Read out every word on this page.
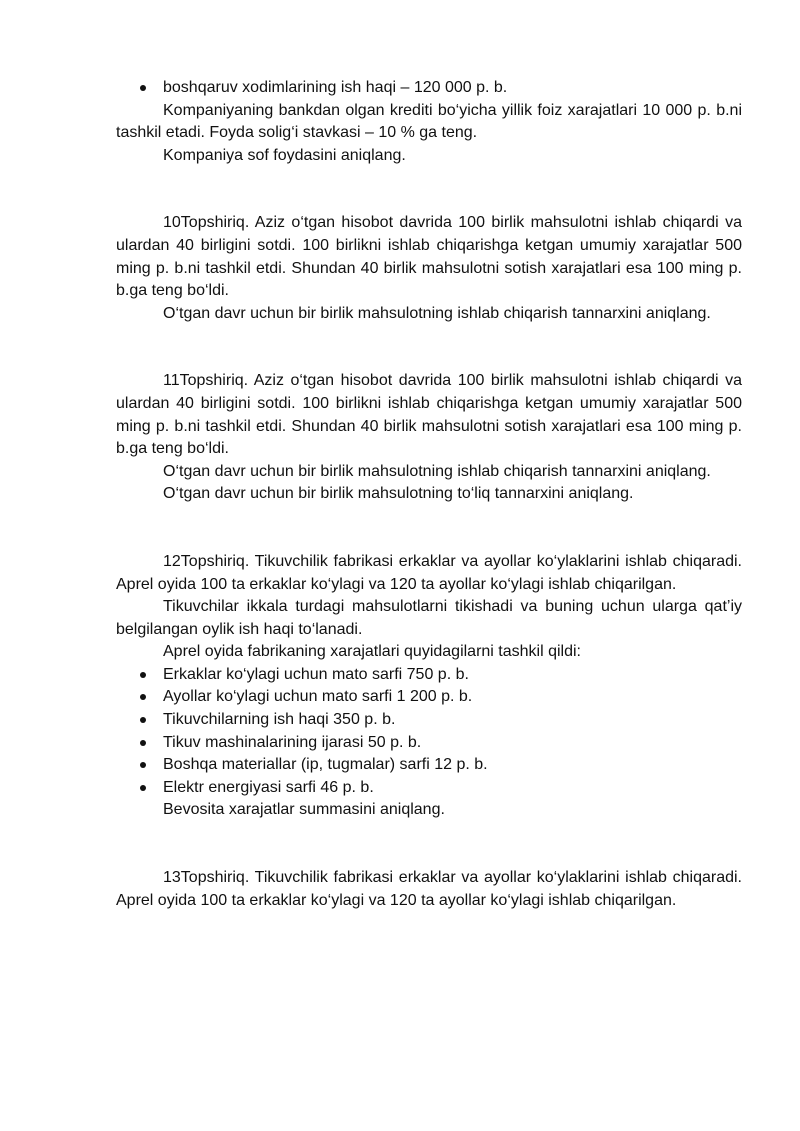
boshqaruv xodimlarining ish haqi – 120 000 p. b.

Kompaniyaning bankdan olgan krediti bo‘yicha yillik foiz xarajatlari 10 000 p. b.ni tashkil etadi. Foyda solig‘i stavkasi – 10 % ga teng.

Kompaniya sof foydasini aniqlang.

10Topshiriq. Aziz o‘tgan hisobot davrida 100 birlik mahsulotni ishlab chiqardi va ulardan 40 birligini sotdi. 100 birlikni ishlab chiqarishga ketgan umumiy xarajatlar 500 ming p. b.ni tashkil etdi. Shundan 40 birlik mahsulotni sotish xarajatlari esa 100 ming p. b.ga teng bo‘ldi.

O‘tgan davr uchun bir birlik mahsulotning ishlab chiqarish tannarxini aniqlang.

11Topshiriq. Aziz o‘tgan hisobot davrida 100 birlik mahsulotni ishlab chiqardi va ulardan 40 birligini sotdi. 100 birlikni ishlab chiqarishga ketgan umumiy xarajatlar 500 ming p. b.ni tashkil etdi. Shundan 40 birlik mahsulotni sotish xarajatlari esa 100 ming p. b.ga teng bo‘ldi.

O‘tgan davr uchun bir birlik mahsulotning ishlab chiqarish tannarxini aniqlang.

O‘tgan davr uchun bir birlik mahsulotning to‘liq tannarxini aniqlang.

12Topshiriq. Tikuvchilik fabrikasi erkaklar va ayollar ko‘ylaklarini ishlab chiqaradi. Aprel oyida 100 ta erkaklar ko‘ylagi va 120 ta ayollar ko‘ylagi ishlab chiqarilgan.

Tikuvchilar ikkala turdagi mahsulotlarni tikishadi va buning uchun ularga qat’iy belgilangan oylik ish haqi to‘lanadi.

Aprel oyida fabrikaning xarajatlari quyidagilarni tashkil qildi:

Erkaklar ko‘ylagi uchun mato sarfi 750 p. b.
Ayollar ko‘ylagi uchun mato sarfi 1 200 p. b.
Tikuvchilarning ish haqi 350 p. b.
Tikuv mashinalarining ijarasi 50 p. b.
Boshqa materiallar (ip, tugmalar) sarfi 12 p. b.
Elektr energiyasi sarfi 46 p. b.

Bevosita xarajatlar summasini aniqlang.

13Topshiriq. Tikuvchilik fabrikasi erkaklar va ayollar ko‘ylaklarini ishlab chiqaradi. Aprel oyida 100 ta erkaklar ko‘ylagi va 120 ta ayollar ko‘ylagi ishlab chiqarilgan.
